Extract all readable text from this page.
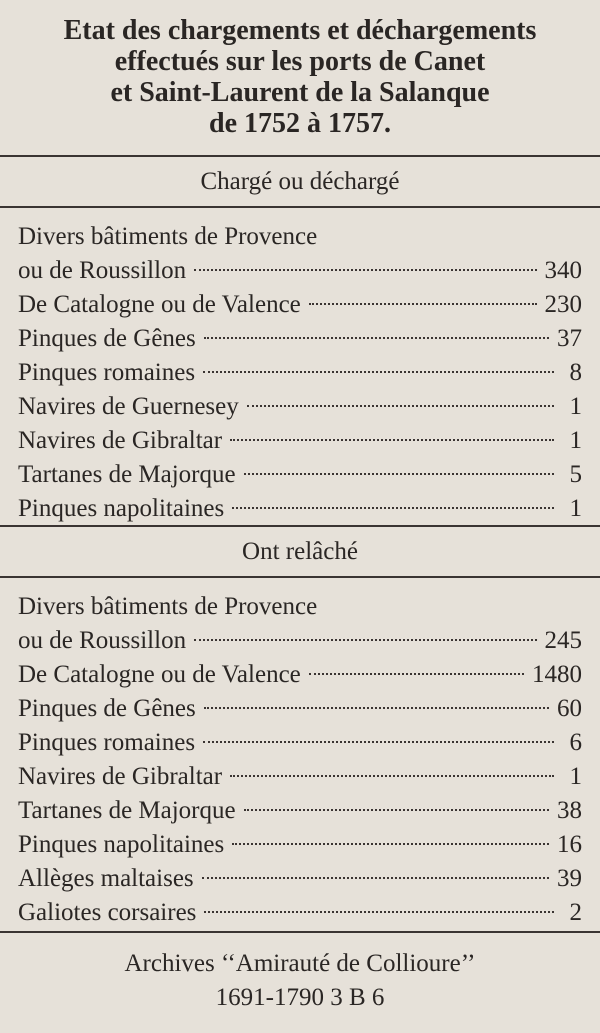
Etat des chargements et déchargements
effectués sur les ports de Canet
et Saint-Laurent de la Salanque
de 1752 à 1757.
Chargé ou déchargé
Divers bâtiments de Provence
ou de Roussillon	340
De Catalogne ou de Valence	230
Pinques de Gênes	37
Pinques romaines	8
Navires de Guernesey	1
Navires de Gibraltar	1
Tartanes de Majorque	5
Pinques napolitaines	1
Ont relâché
Divers bâtiments de Provence
ou de Roussillon	245
De Catalogne ou de Valence	1480
Pinques de Gênes	60
Pinques romaines	6
Navires de Gibraltar	1
Tartanes de Majorque	38
Pinques napolitaines	16
Allèges maltaises	39
Galiotes corsaires	2
Archives ‘‘Amirauté de Collioure’’
1691-1790 3 B 6
